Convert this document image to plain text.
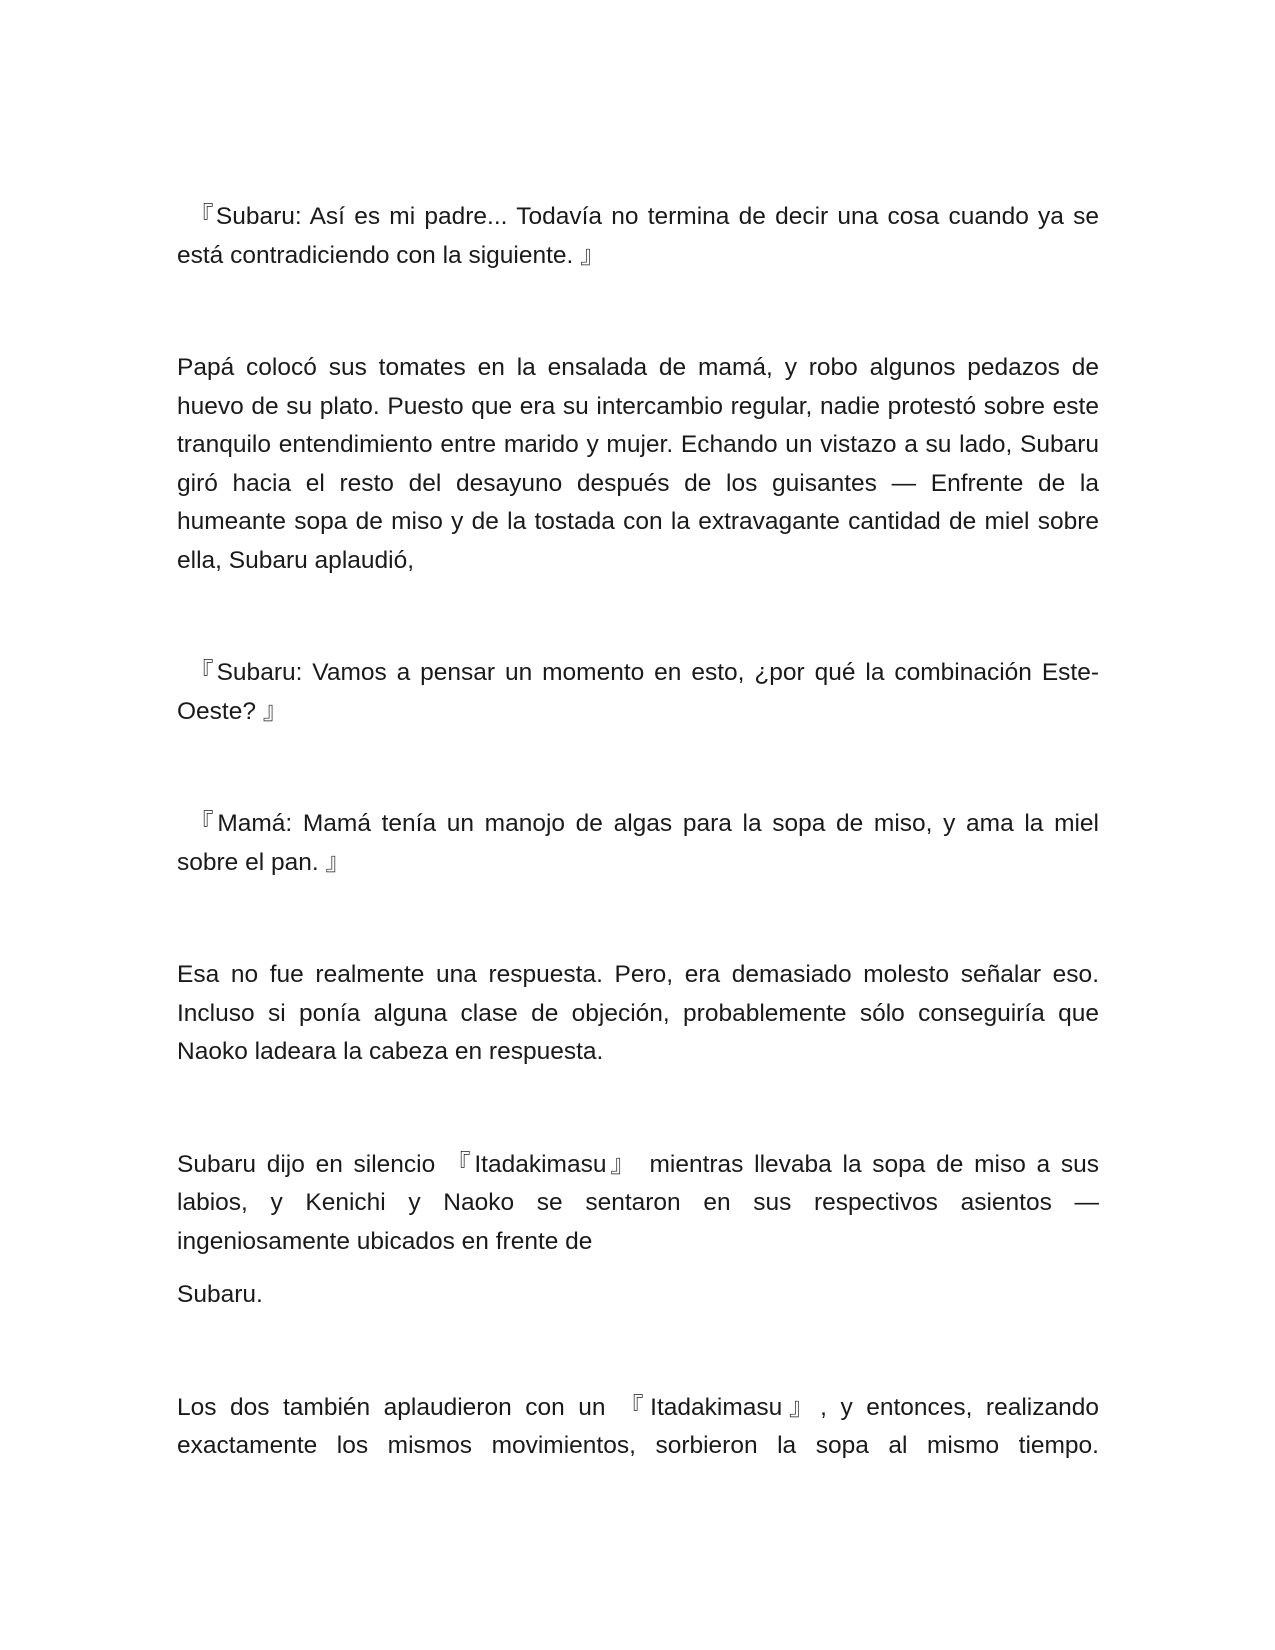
『Subaru: Así es mi padre... Todavía no termina de decir una cosa cuando ya se está contradiciendo con la siguiente. 』

Papá colocó sus tomates en la ensalada de mamá, y robo algunos pedazos de huevo de su plato. Puesto que era su intercambio regular, nadie protestó sobre este tranquilo entendimiento entre marido y mujer. Echando un vistazo a su lado, Subaru giró hacia el resto del desayuno después de los guisantes — Enfrente de la humeante sopa de miso y de la tostada con la extravagante cantidad de miel sobre ella, Subaru aplaudió,

『Subaru: Vamos a pensar un momento en esto, ¿por qué la combinación Este-Oeste? 』

『Mamá: Mamá tenía un manojo de algas para la sopa de miso, y ama la miel sobre el pan. 』

Esa no fue realmente una respuesta. Pero, era demasiado molesto señalar eso. Incluso si ponía alguna clase de objeción, probablemente sólo conseguiría que Naoko ladeara la cabeza en respuesta.

Subaru dijo en silencio 『Itadakimasu』 mientras llevaba la sopa de miso a sus labios, y Kenichi y Naoko se sentaron en sus respectivos asientos — ingeniosamente ubicados en frente de

Subaru.

Los dos también aplaudieron con un 『Itadakimasu』, y entonces, realizando exactamente los mismos movimientos, sorbieron la sopa al mismo tiempo.
